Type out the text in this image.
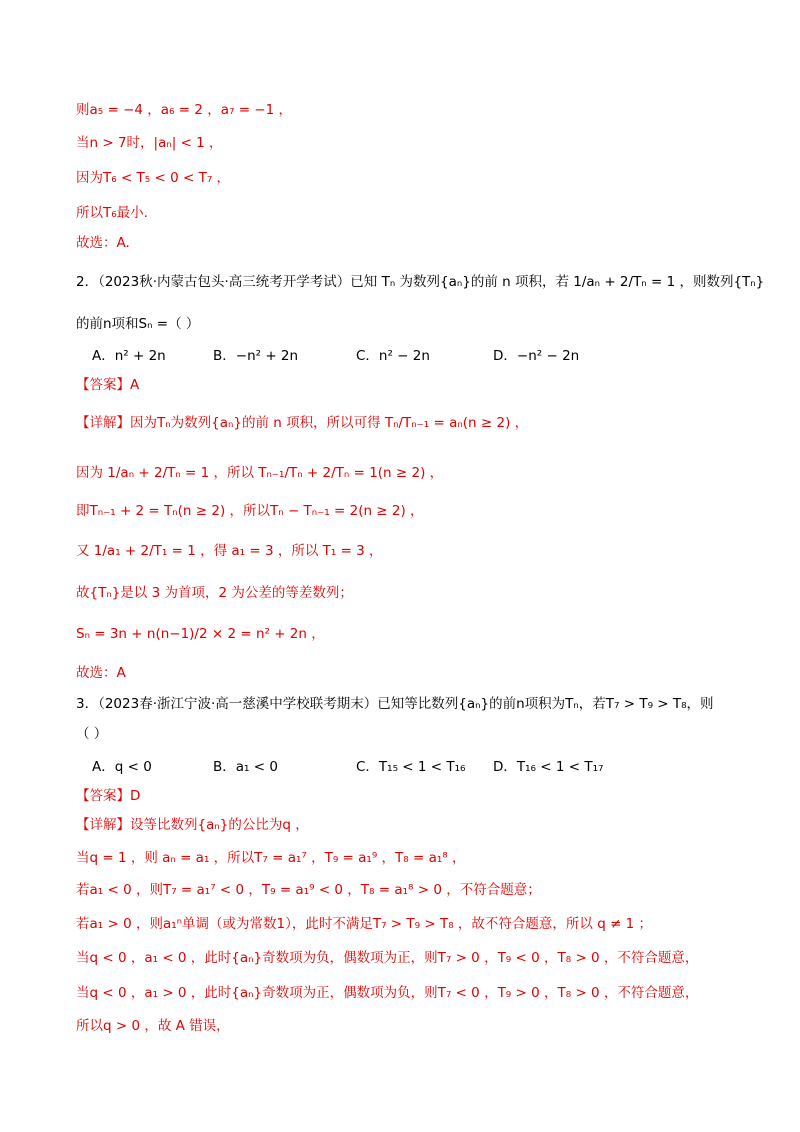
则a₅ = −4 ，a₆ = 2 ，a₇ = −1 ，
当n > 7时，|aₙ| < 1 ，
因为T₆ < T₅ < 0 < T₇ ，
所以T₆最小.
故选：A.
2．（2023秋·内蒙古包头·高三统考开学考试）已知 Tₙ 为数列{aₙ}的前 n 项积，若 1/aₙ + 2/Tₙ = 1 ，则数列{Tₙ}
的前n项和Sₙ =（ ）
A．n² + 2n	B．−n² + 2n	C．n² − 2n	D．−n² − 2n
【答案】A
【详解】因为Tₙ为数列{aₙ}的前 n 项积，所以可得 Tₙ/Tₙ₋₁ = aₙ(n ≥ 2) ，
因为 1/aₙ + 2/Tₙ = 1 ，所以 Tₙ₋₁/Tₙ + 2/Tₙ = 1(n ≥ 2) ，
即Tₙ₋₁ + 2 = Tₙ(n ≥ 2) ，所以Tₙ − Tₙ₋₁ = 2(n ≥ 2) ，
又 1/a₁ + 2/T₁ = 1 ，得 a₁ = 3 ，所以 T₁ = 3 ，
故{Tₙ}是以 3 为首项，2 为公差的等差数列；
Sₙ = 3n + n(n−1)/2 × 2 = n² + 2n ，
故选：A
3．（2023春·浙江宁波·高一慈溪中学校联考期末）已知等比数列{aₙ}的前n项积为Tₙ，若T₇ > T₉ > T₈，则
（ ）
A．q < 0	B．a₁ < 0	C．T₁₅ < 1 < T₁₆ D．T₁₆ < 1 < T₁₇
【答案】D
【详解】设等比数列{aₙ}的公比为q ，
当q = 1 ，则 aₙ = a₁ ，所以T₇ = a₁⁷ ，T₉ = a₁⁹ ，T₈ = a₁⁸ ，
若a₁ < 0 ，则T₇ = a₁⁷ < 0 ，T₉ = a₁⁹ < 0 ，T₈ = a₁⁸ > 0 ，不符合题意；
若a₁ > 0 ，则a₁ⁿ单调（或为常数1），此时不满足T₇ > T₉ > T₈ ，故不符合题意，所以 q ≠ 1 ；
当q < 0 ，a₁ < 0 ，此时{aₙ}奇数项为负，偶数项为正，则T₇ > 0 ，T₉ < 0 ，T₈ > 0 ，不符合题意，
当q < 0 ，a₁ > 0 ，此时{aₙ}奇数项为正，偶数项为负，则T₇ < 0 ，T₉ > 0 ，T₈ > 0 ，不符合题意，
所以q > 0 ，故 A 错误，
